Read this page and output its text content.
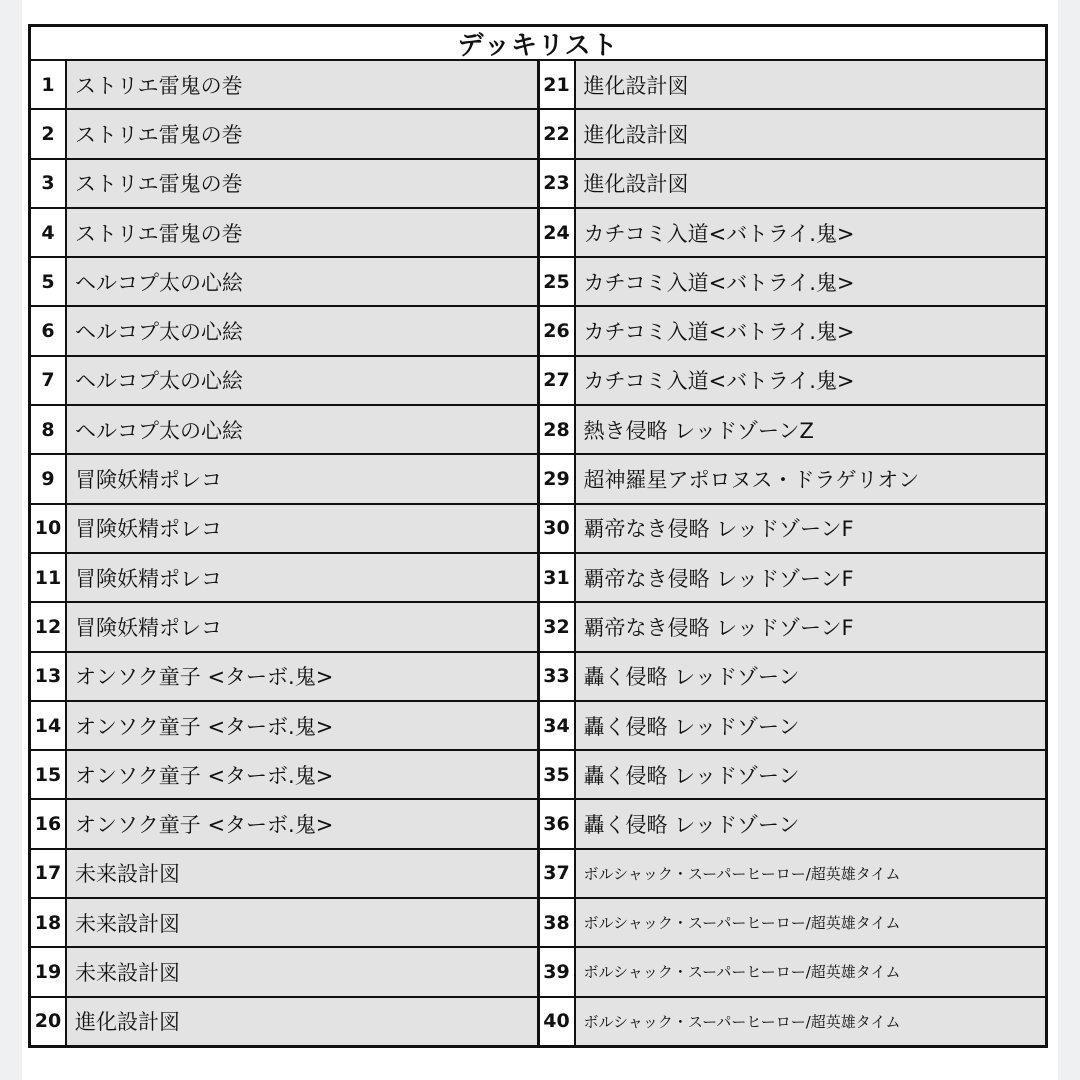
デッキリスト
1 ストリエ雷鬼の巻
2 ストリエ雷鬼の巻
3 ストリエ雷鬼の巻
4 ストリエ雷鬼の巻
5 ヘルコプ太の心絵
6 ヘルコプ太の心絵
7 ヘルコプ太の心絵
8 ヘルコプ太の心絵
9 冒険妖精ポレコ
10 冒険妖精ポレコ
11 冒険妖精ポレコ
12 冒険妖精ポレコ
13 オンソク童子 <ターボ.鬼>
14 オンソク童子 <ターボ.鬼>
15 オンソク童子 <ターボ.鬼>
16 オンソク童子 <ターボ.鬼>
17 未来設計図
18 未来設計図
19 未来設計図
20 進化設計図
21 進化設計図
22 進化設計図
23 進化設計図
24 カチコミ入道<バトライ.鬼>
25 カチコミ入道<バトライ.鬼>
26 カチコミ入道<バトライ.鬼>
27 カチコミ入道<バトライ.鬼>
28 熱き侵略 レッドゾーンZ
29 超神羅星アポロヌス・ドラゲリオン
30 覇帝なき侵略 レッドゾーンF
31 覇帝なき侵略 レッドゾーンF
32 覇帝なき侵略 レッドゾーンF
33 轟く侵略 レッドゾーン
34 轟く侵略 レッドゾーン
35 轟く侵略 レッドゾーン
36 轟く侵略 レッドゾーン
37 ボルシャック・スーパーヒーロー/超英雄タイム
38 ボルシャック・スーパーヒーロー/超英雄タイム
39 ボルシャック・スーパーヒーロー/超英雄タイム
40 ボルシャック・スーパーヒーロー/超英雄タイム
